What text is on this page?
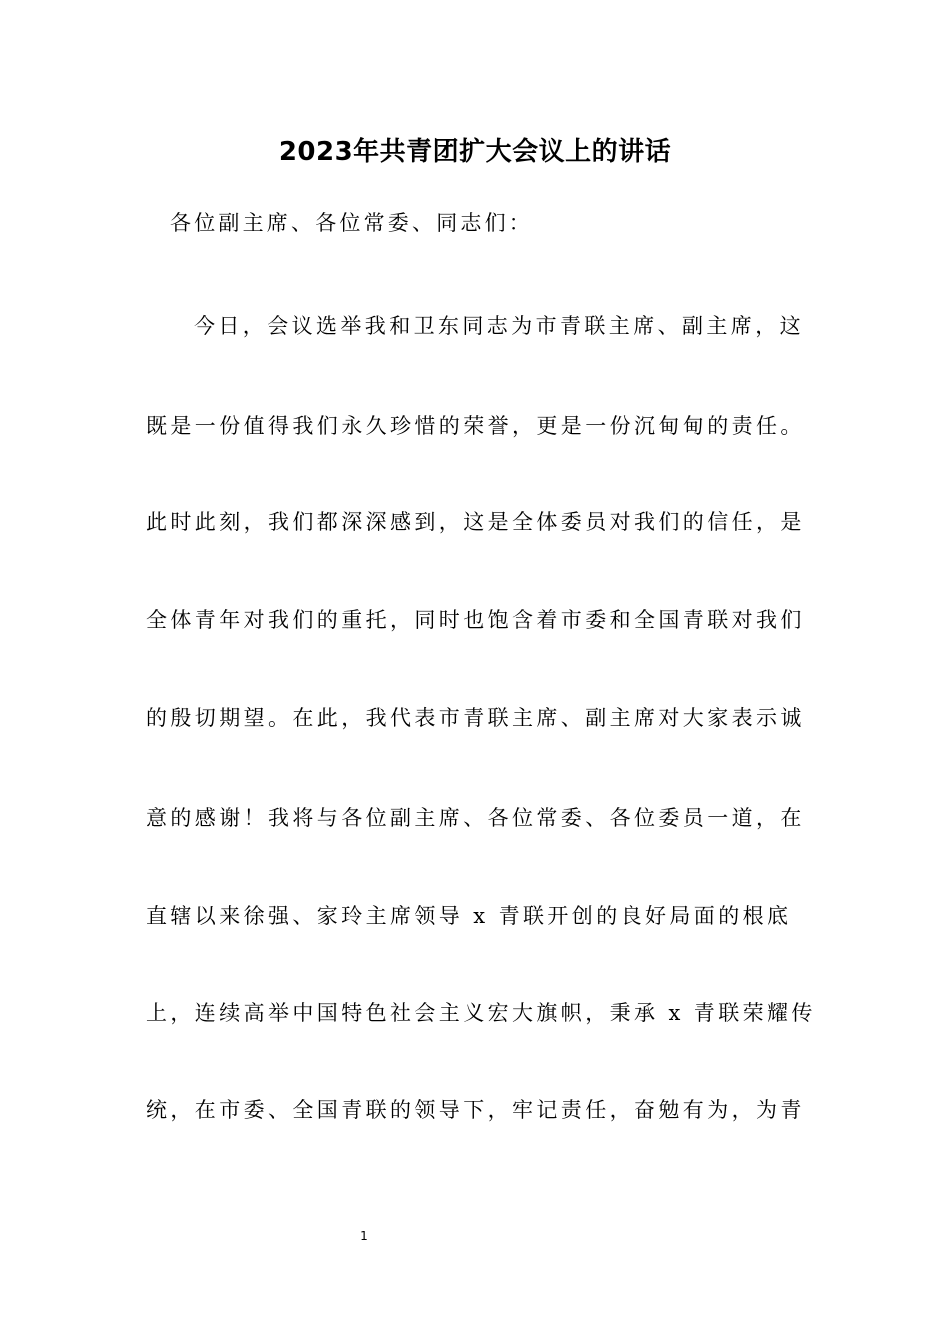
2023年共青团扩大会议上的讲话
各位副主席、各位常委、同志们：
今日，会议选举我和卫东同志为市青联主席、副主席，这
既是一份值得我们永久珍惜的荣誉，更是一份沉甸甸的责任。
此时此刻，我们都深深感到，这是全体委员对我们的信任，是
全体青年对我们的重托，同时也饱含着市委和全国青联对我们
的殷切期望。在此，我代表市青联主席、副主席对大家表示诚
意的感谢！我将与各位副主席、各位常委、各位委员一道，在
直辖以来徐强、家玲主席领导 x 青联开创的良好局面的根底
上，连续高举中国特色社会主义宏大旗帜，秉承 x 青联荣耀传
统，在市委、全国青联的领导下，牢记责任，奋勉有为，为青
1
